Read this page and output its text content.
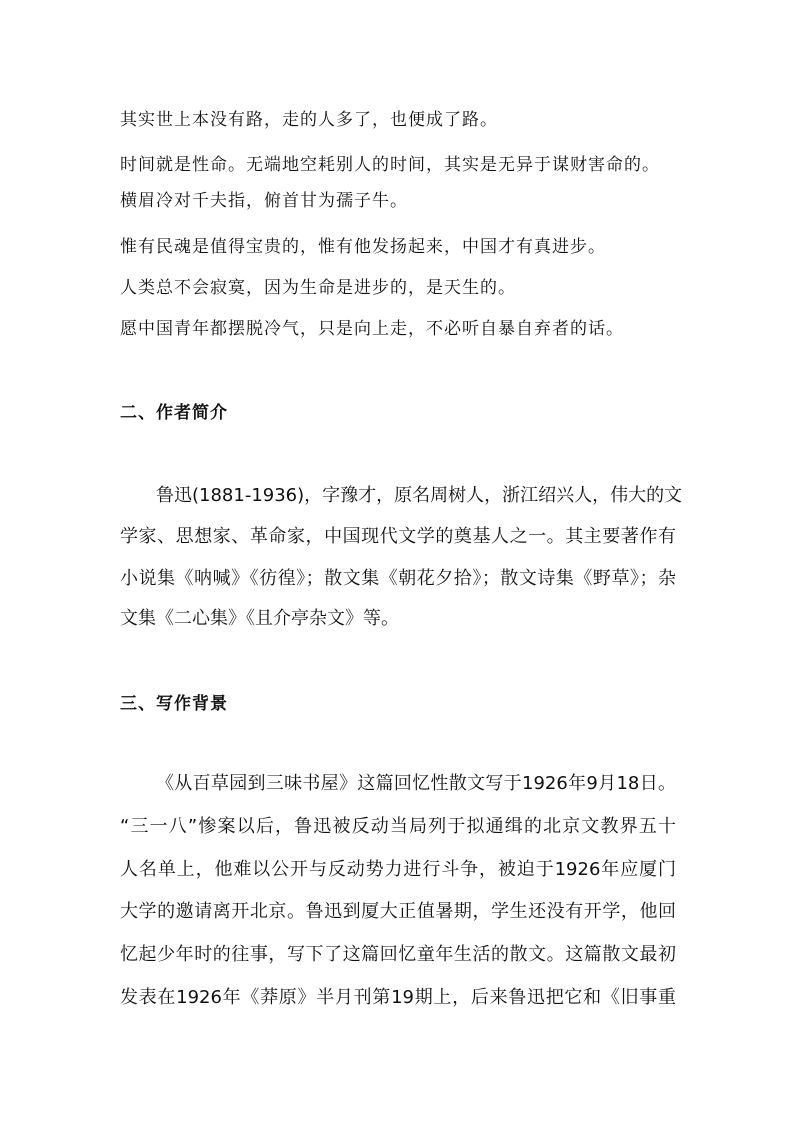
其实世上本没有路，走的人多了，也便成了路。
时间就是性命。无端地空耗别人的时间，其实是无异于谋财害命的。
横眉冷对千夫指，俯首甘为孺子牛。
惟有民魂是值得宝贵的，惟有他发扬起来，中国才有真进步。
人类总不会寂寞，因为生命是进步的，是天生的。
愿中国青年都摆脱冷气，只是向上走，不必听自暴自弃者的话。
二、作者简介
鲁迅(1881-1936)，字豫才，原名周树人，浙江绍兴人，伟大的文
学家、思想家、革命家，中国现代文学的奠基人之一。其主要著作有
小说集《呐喊》《彷徨》；散文集《朝花夕拾》；散文诗集《野草》；杂
文集《二心集》《且介亭杂文》等。
三、写作背景
《从百草园到三味书屋》这篇回忆性散文写于1926年9月18日。
“三一八”惨案以后，鲁迅被反动当局列于拟通缉的北京文教界五十
人名单上，他难以公开与反动势力进行斗争，被迫于1926年应厦门
大学的邀请离开北京。鲁迅到厦大正值暑期，学生还没有开学，他回
忆起少年时的往事，写下了这篇回忆童年生活的散文。这篇散文最初
发表在1926年《莽原》半月刊第19期上，后来鲁迅把它和《旧事重
